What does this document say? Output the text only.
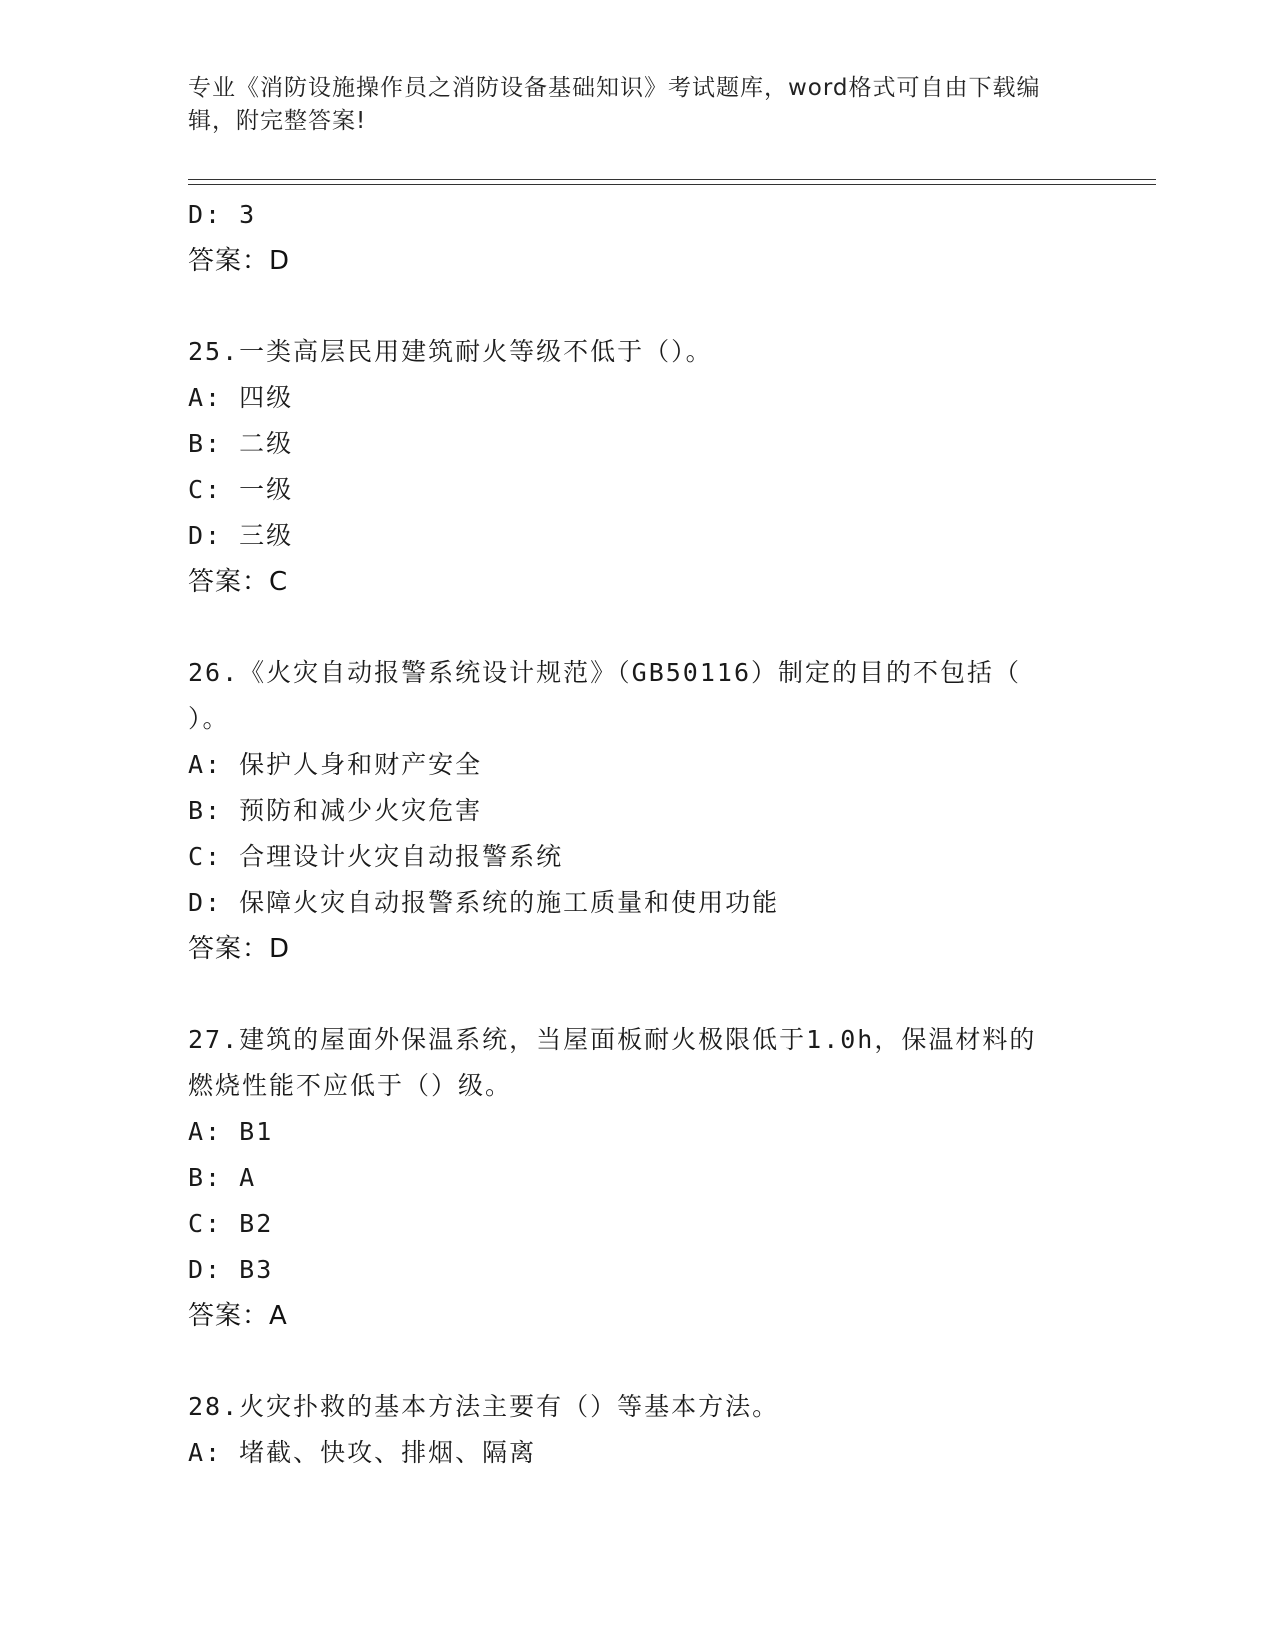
专业《消防设施操作员之消防设备基础知识》考试题库，word格式可自由下载编辑，附完整答案!
D: 3
答案：D
25.一类高层民用建筑耐火等级不低于（）。
A: 四级
B: 二级
C: 一级
D: 三级
答案：C
26.《火灾自动报警系统设计规范》（GB50116）制定的目的不包括（
）。
A: 保护人身和财产安全
B: 预防和减少火灾危害
C: 合理设计火灾自动报警系统
D: 保障火灾自动报警系统的施工质量和使用功能
答案：D
27.建筑的屋面外保温系统，当屋面板耐火极限低于1.0h，保温材料的
燃烧性能不应低于（）级。
A: B1
B: A
C: B2
D: B3
答案：A
28.火灾扑救的基本方法主要有（）等基本方法。
A: 堵截、快攻、排烟、隔离
